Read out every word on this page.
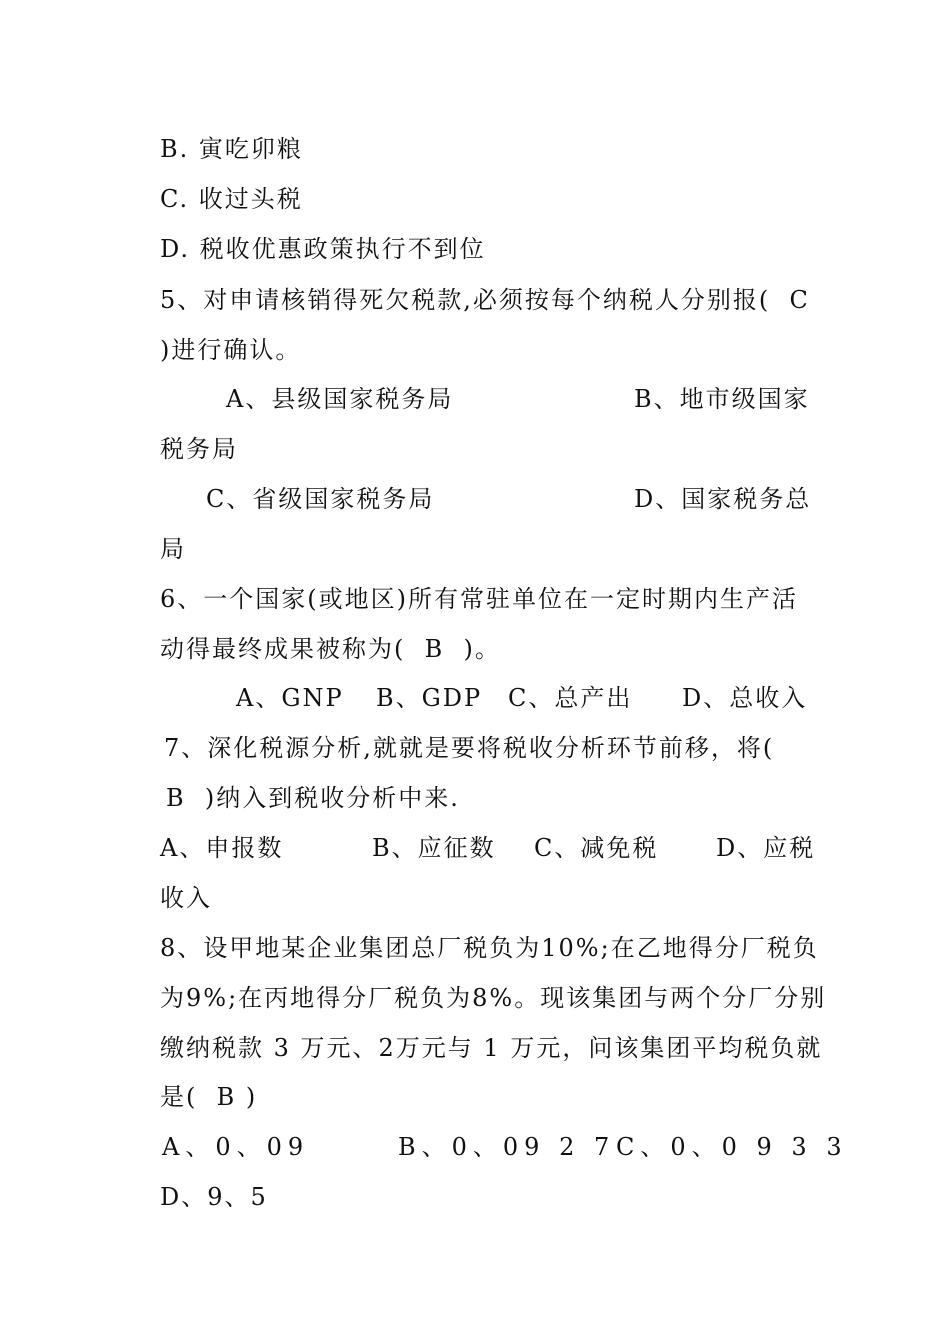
B. 寅吃卯粮
C. 收过头税
D. 税收优惠政策执行不到位
5、对申请核销得死欠税款,必须按每个纳税人分别报(  C
)进行确认。
A、县级国家税务局	B、地市级国家
税务局
C、省级国家税务局	D、国家税务总
局
6、一个国家(或地区)所有常驻单位在一定时期内生产活
动得最终成果被称为(  B  )。
A、GNP B、GDP C、总产出 D、总收入
7、深化税源分析,就就是要将税收分析环节前移，将(
B  )纳入到税收分析中来.
A、申报数	B、应征数 C、减免税 D、应税
收入
8、设甲地某企业集团总厂税负为10%;在乙地得分厂税负
为9%;在丙地得分厂税负为8%。现该集团与两个分厂分别
缴纳税款 3 万元、2万元与 1 万元，问该集团平均税负就
是(  B )
A、0、09	B、0、09 2 7 C、0、0 9 3 3
D、9、5
